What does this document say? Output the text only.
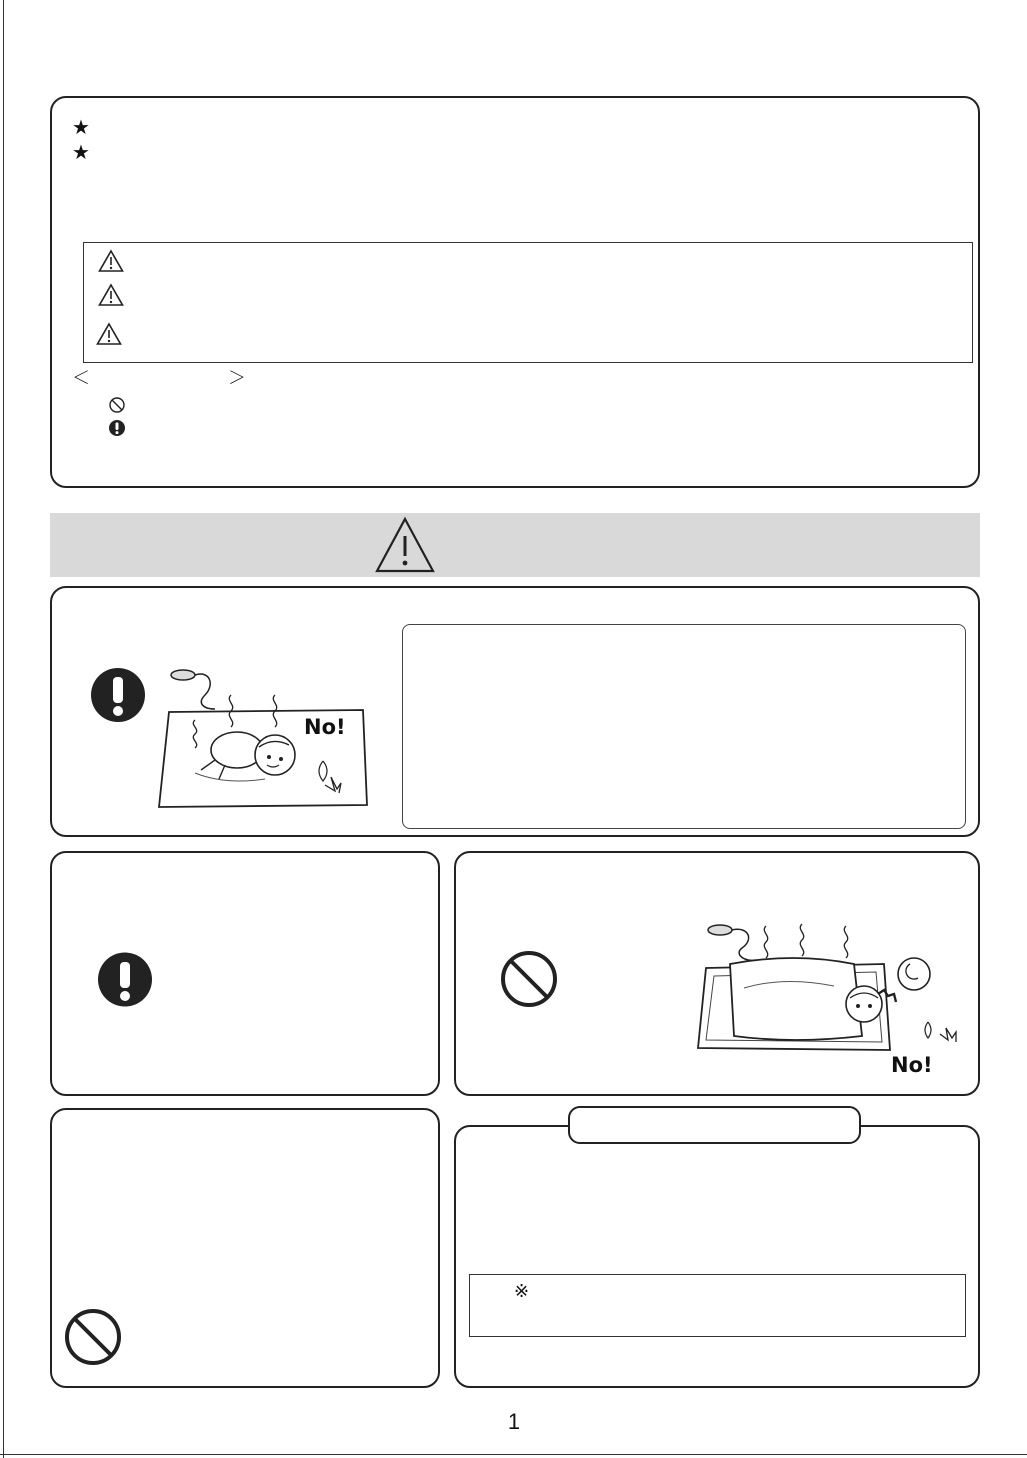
★
★
＜	＞
No!
No!
※
1
